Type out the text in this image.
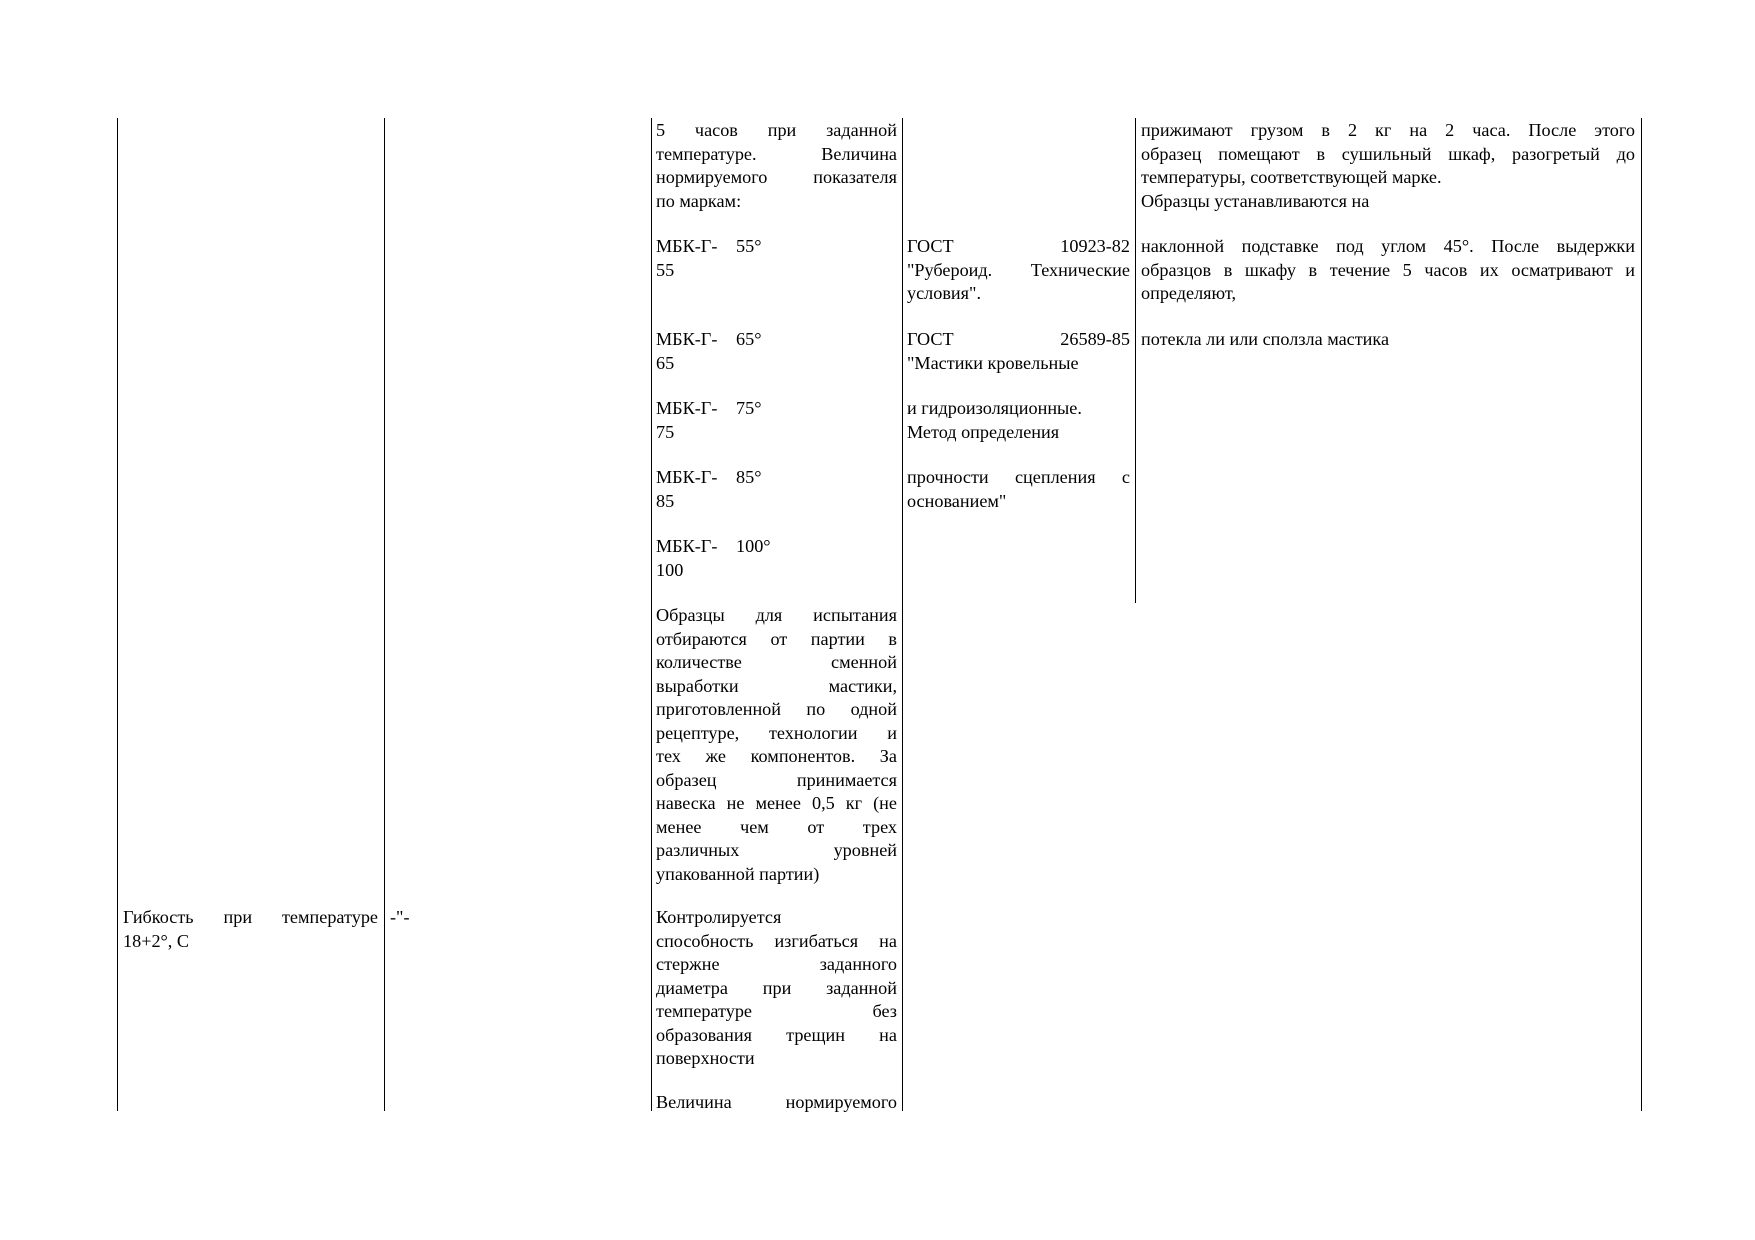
Гибкость при температуре
18+2°, С
-"-
5 часов при заданной
температуре. Величина
нормируемого показателя
по маркам:
МБК-Г- 55°
55
МБК-Г- 65°
65
МБК-Г- 75°
75
МБК-Г- 85°
85
МБК-Г- 100°
100
Образцы для испытания
отбираются от партии в
количестве сменной
выработки мастики,
приготовленной по одной
рецептуре, технологии и
тех же компонентов. За
образец принимается
навеска не менее 0,5 кг (не
менее чем от трех
различных уровней
упакованной партии)
Контролируется
способность изгибаться на
стержне заданного
диаметра при заданной
температуре без
образования трещин на
поверхности
Величина нормируемого
ГОСТ 10923-82
"Рубероид. Технические
условия".
ГОСТ 26589-85
"Мастики кровельные
и гидроизоляционные.
Метод определения
прочности сцепления с
основанием"
прижимают грузом в 2 кг на 2 часа. После этого
образец помещают в сушильный шкаф, разогретый до
температуры, соответствующей марке.
Образцы устанавливаются на
наклонной подставке под углом 45°. После выдержки
образцов в шкафу в течение 5 часов их осматривают и
определяют,
потекла ли или сползла мастика
